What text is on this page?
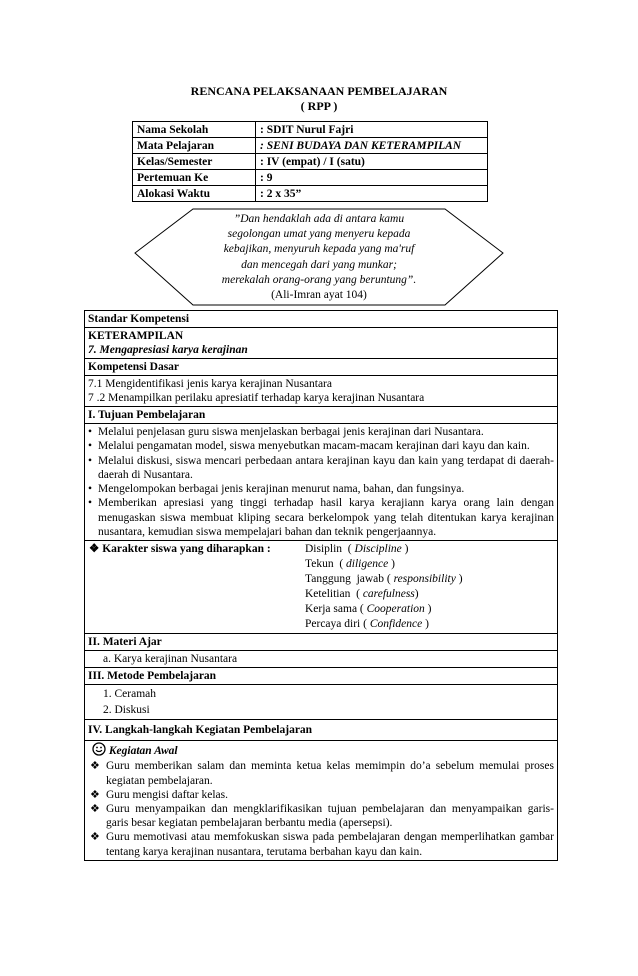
RENCANA PELAKSANAAN PEMBELAJARAN
( RPP )
Nama Sekolah	: SDIT Nurul Fajri
Mata Pelajaran	: SENI BUDAYA DAN KETERAMPILAN
Kelas/Semester	: IV (empat) / I (satu)
Pertemuan Ke	: 9
Alokasi Waktu	: 2 x 35”
”Dan hendaklah ada di antara kamu
segolongan umat yang menyeru kepada
kebajikan, menyuruh kepada yang ma'ruf
dan mencegah dari yang munkar;
merekalah orang-orang yang beruntung”.
(Ali-Imran ayat 104)
Standar Kompetensi
KETERAMPILAN
7. Mengapresiasi karya kerajinan
Kompetensi Dasar
7.1 Mengidentifikasi jenis karya kerajinan Nusantara
7 .2 Menampilkan perilaku apresiatif terhadap karya kerajinan Nusantara
I. Tujuan Pembelajaran
• Melalui penjelasan guru siswa menjelaskan berbagai jenis kerajinan dari Nusantara.
• Melalui pengamatan model, siswa menyebutkan macam-macam kerajinan dari kayu dan kain.
• Melalui diskusi, siswa mencari perbedaan antara kerajinan kayu dan kain yang terdapat di daerah-daerah di Nusantara.
• Mengelompokan berbagai jenis kerajinan menurut nama, bahan, dan fungsinya.
• Memberikan apresiasi yang tinggi terhadap hasil karya kerajiann karya orang lain dengan menugaskan siswa membuat kliping secara berkelompok yang telah ditentukan karya kerajinan nusantara, kemudian siswa mempelajari bahan dan teknik pengerjaannya.
❖ Karakter siswa yang diharapkan :	Disiplin  ( Discipline )
Tekun  ( diligence )
Tanggung  jawab ( responsibility )
Ketelitian  ( carefulness)
Kerja sama ( Cooperation )
Percaya diri ( Confidence )
II. Materi Ajar
a. Karya kerajinan Nusantara
III. Metode Pembelajaran
1. Ceramah
2. Diskusi
IV. Langkah-langkah Kegiatan Pembelajaran
Kegiatan Awal
❖ Guru memberikan salam dan meminta ketua kelas memimpin do’a sebelum memulai proses kegiatan pembelajaran.
❖ Guru mengisi daftar kelas.
❖ Guru menyampaikan dan mengklarifikasikan tujuan pembelajaran dan menyampaikan garis-garis besar kegiatan pembelajaran berbantu media (apersepsi).
❖ Guru memotivasi atau memfokuskan siswa pada pembelajaran dengan memperlihatkan gambar tentang karya kerajinan nusantara, terutama berbahan kayu dan kain.
